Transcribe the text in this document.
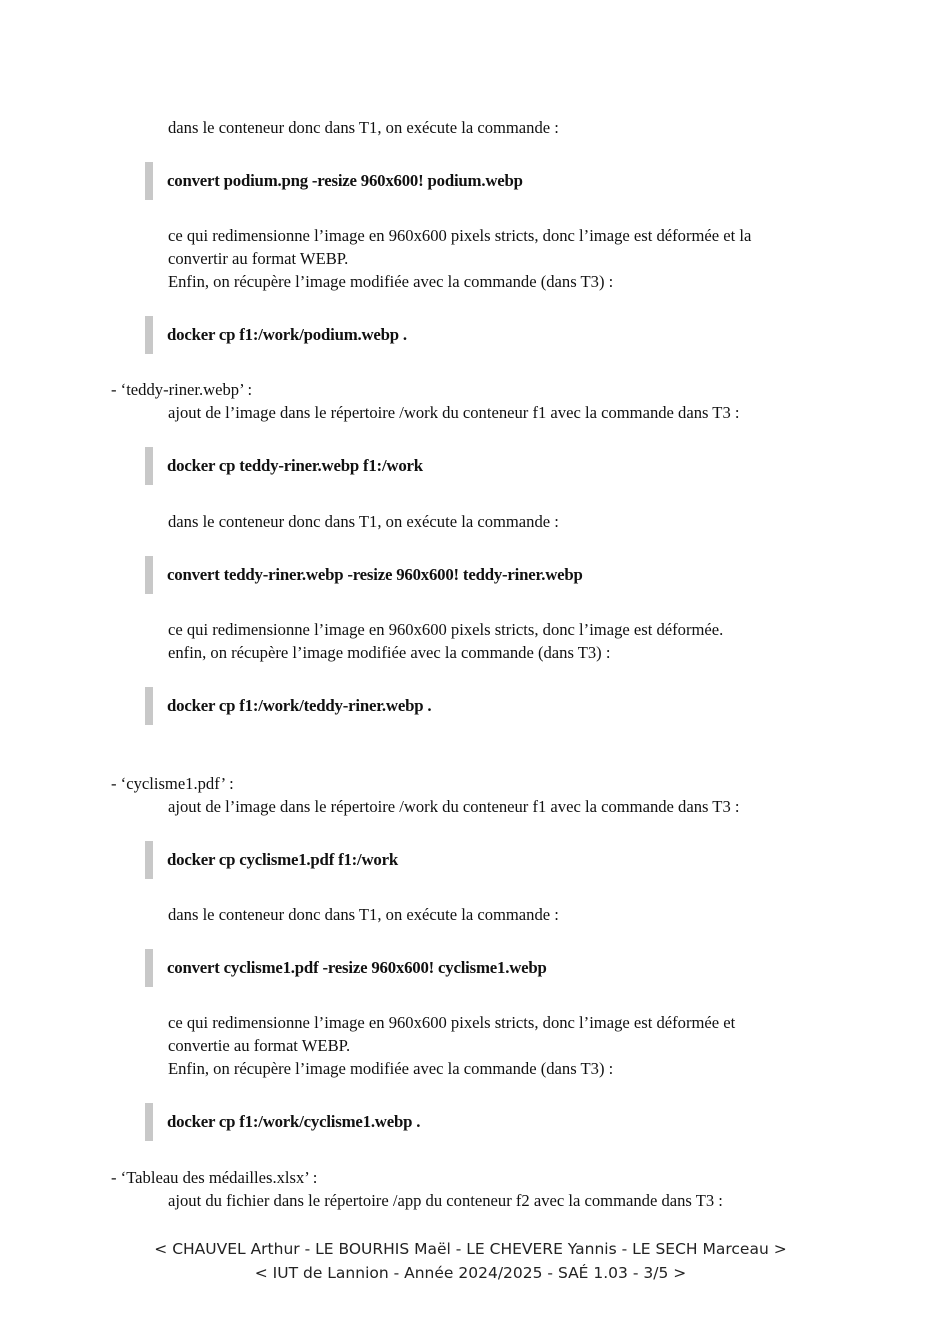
dans le conteneur donc dans T1, on exécute la commande :

convert podium.png -resize 960x600! podium.webp

ce qui redimensionne l’image en 960x600 pixels stricts, donc l’image est déformée et la

convertir au format WEBP.

Enfin, on récupère l’image modifiée avec la commande (dans T3) :

docker cp f1:/work/podium.webp .

- ‘teddy-riner.webp’ :

ajout de l’image dans le répertoire /work du conteneur f1 avec la commande dans T3 :

docker cp teddy-riner.webp f1:/work

dans le conteneur donc dans T1, on exécute la commande :

convert teddy-riner.webp -resize 960x600! teddy-riner.webp

ce qui redimensionne l’image en 960x600 pixels stricts, donc l’image est déformée.

enfin, on récupère l’image modifiée avec la commande (dans T3) :

docker cp f1:/work/teddy-riner.webp .

- ‘cyclisme1.pdf’ :

ajout de l’image dans le répertoire /work du conteneur f1 avec la commande dans T3 :

docker cp cyclisme1.pdf f1:/work

dans le conteneur donc dans T1, on exécute la commande :

convert cyclisme1.pdf -resize 960x600! cyclisme1.webp

ce qui redimensionne l’image en 960x600 pixels stricts, donc l’image est déformée et

convertie au format WEBP.

Enfin, on récupère l’image modifiée avec la commande (dans T3) :

docker cp f1:/work/cyclisme1.webp .

- ‘Tableau des médailles.xlsx’ :

ajout du fichier dans le répertoire /app du conteneur f2 avec la commande dans T3 :

< CHAUVEL Arthur - LE BOURHIS Maël - LE CHEVERE Yannis - LE SECH Marceau >

< IUT de Lannion - Année 2024/2025 - SAÉ 1.03 - 3/5 >
